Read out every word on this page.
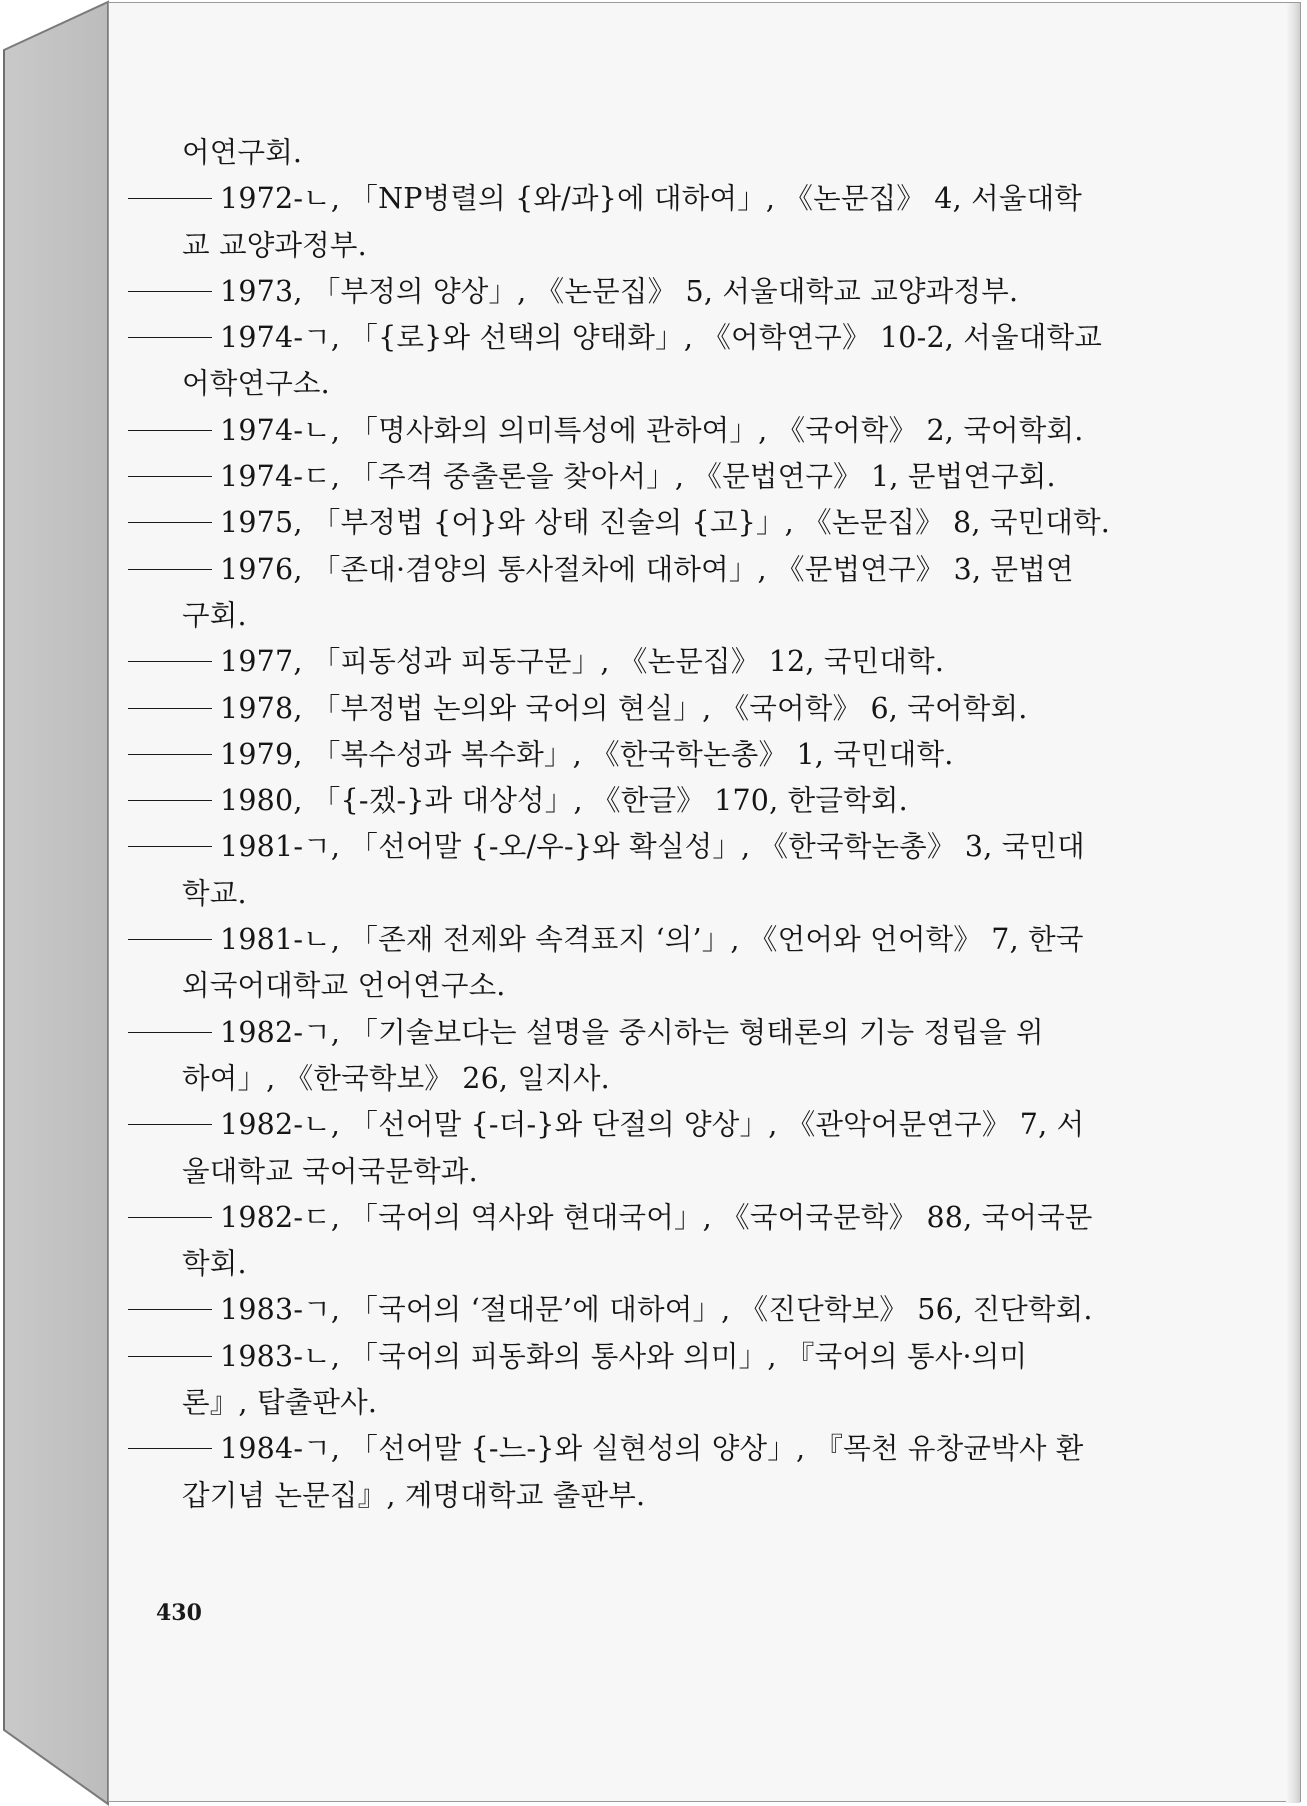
어연구회.
1972-ㄴ, 「NP병렬의 {와/과}에 대하여」, 《논문집》 4, 서울대학
교 교양과정부.
1973, 「부정의 양상」, 《논문집》 5, 서울대학교 교양과정부.
1974-ㄱ, 「{로}와 선택의 양태화」, 《어학연구》 10-2, 서울대학교
어학연구소.
1974-ㄴ, 「명사화의 의미특성에 관하여」, 《국어학》 2, 국어학회.
1974-ㄷ, 「주격 중출론을 찾아서」, 《문법연구》 1, 문법연구회.
1975, 「부정법 {어}와 상태 진술의 {고}」, 《논문집》 8, 국민대학.
1976, 「존대·겸양의 통사절차에 대하여」, 《문법연구》 3, 문법연
구회.
1977, 「피동성과 피동구문」, 《논문집》 12, 국민대학.
1978, 「부정법 논의와 국어의 현실」, 《국어학》 6, 국어학회.
1979, 「복수성과 복수화」, 《한국학논총》 1, 국민대학.
1980, 「{-겠-}과 대상성」, 《한글》 170, 한글학회.
1981-ㄱ, 「선어말 {-오/우-}와 확실성」, 《한국학논총》 3, 국민대
학교.
1981-ㄴ, 「존재 전제와 속격표지 ‘의’」, 《언어와 언어학》 7, 한국
외국어대학교 언어연구소.
1982-ㄱ, 「기술보다는 설명을 중시하는 형태론의 기능 정립을 위
하여」, 《한국학보》 26, 일지사.
1982-ㄴ, 「선어말 {-더-}와 단절의 양상」, 《관악어문연구》 7, 서
울대학교 국어국문학과.
1982-ㄷ, 「국어의 역사와 현대국어」, 《국어국문학》 88, 국어국문
학회.
1983-ㄱ, 「국어의 ‘절대문’에 대하여」, 《진단학보》 56, 진단학회.
1983-ㄴ, 「국어의 피동화의 통사와 의미」, 『국어의 통사·의미
론』, 탑출판사.
1984-ㄱ, 「선어말 {-느-}와 실현성의 양상」, 『목천 유창균박사 환
갑기념 논문집』, 계명대학교 출판부.
430
